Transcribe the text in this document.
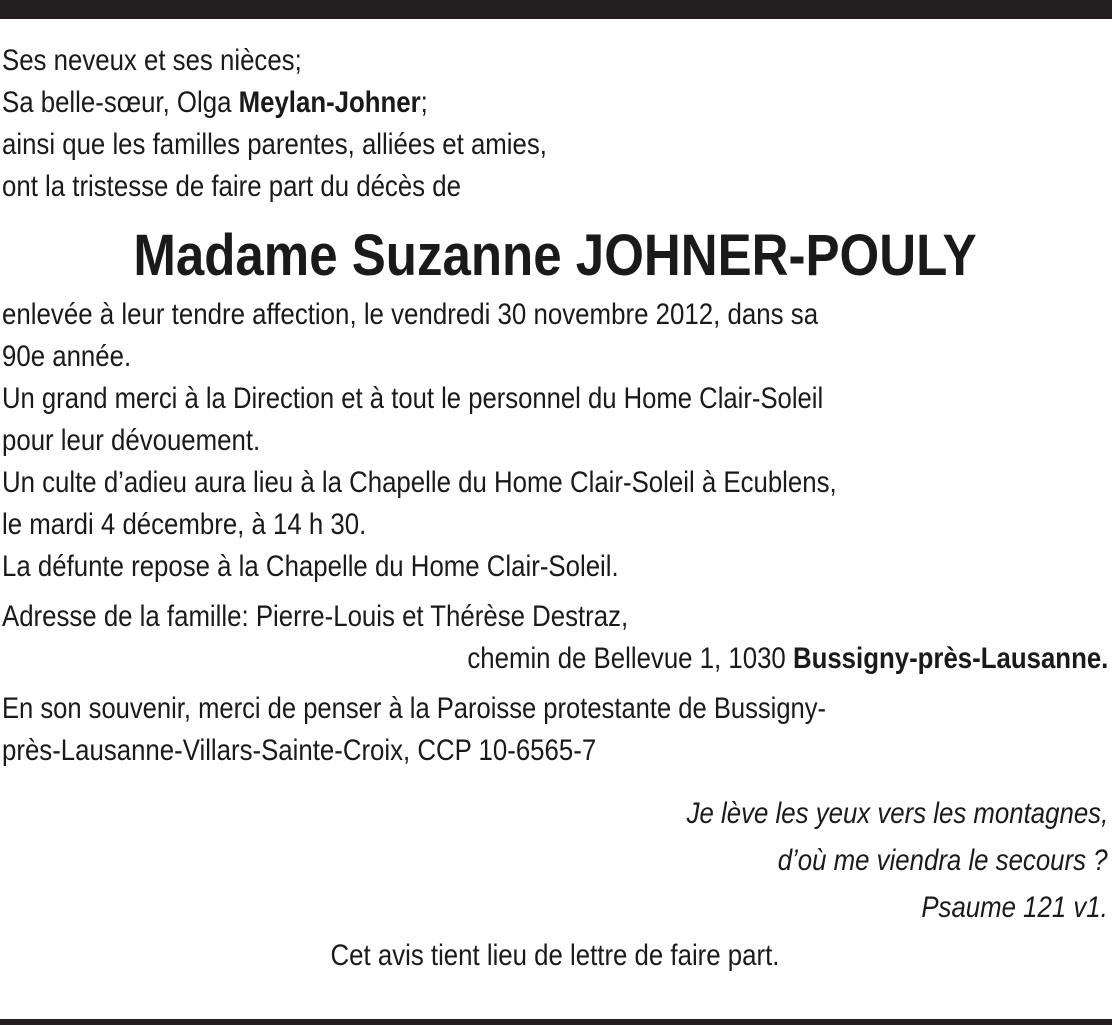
Ses neveux et ses nièces;
Sa belle-sœur, Olga Meylan-Johner;
ainsi que les familles parentes, alliées et amies,
ont la tristesse de faire part du décès de
Madame Suzanne JOHNER-POULY
enlevée à leur tendre affection, le vendredi 30 novembre 2012, dans sa
90e année.
Un grand merci à la Direction et à tout le personnel du Home Clair-Soleil
pour leur dévouement.
Un culte d’adieu aura lieu à la Chapelle du Home Clair-Soleil à Ecublens,
le mardi 4 décembre, à 14 h 30.
La défunte repose à la Chapelle du Home Clair-Soleil.
Adresse de la famille: Pierre-Louis et Thérèse Destraz,
chemin de Bellevue 1, 1030 Bussigny-près-Lausanne.
En son souvenir, merci de penser à la Paroisse protestante de Bussigny-
près-Lausanne-Villars-Sainte-Croix, CCP 10-6565-7
Je lève les yeux vers les montagnes,
d’où me viendra le secours ?
Psaume 121 v1.
Cet avis tient lieu de lettre de faire part.
